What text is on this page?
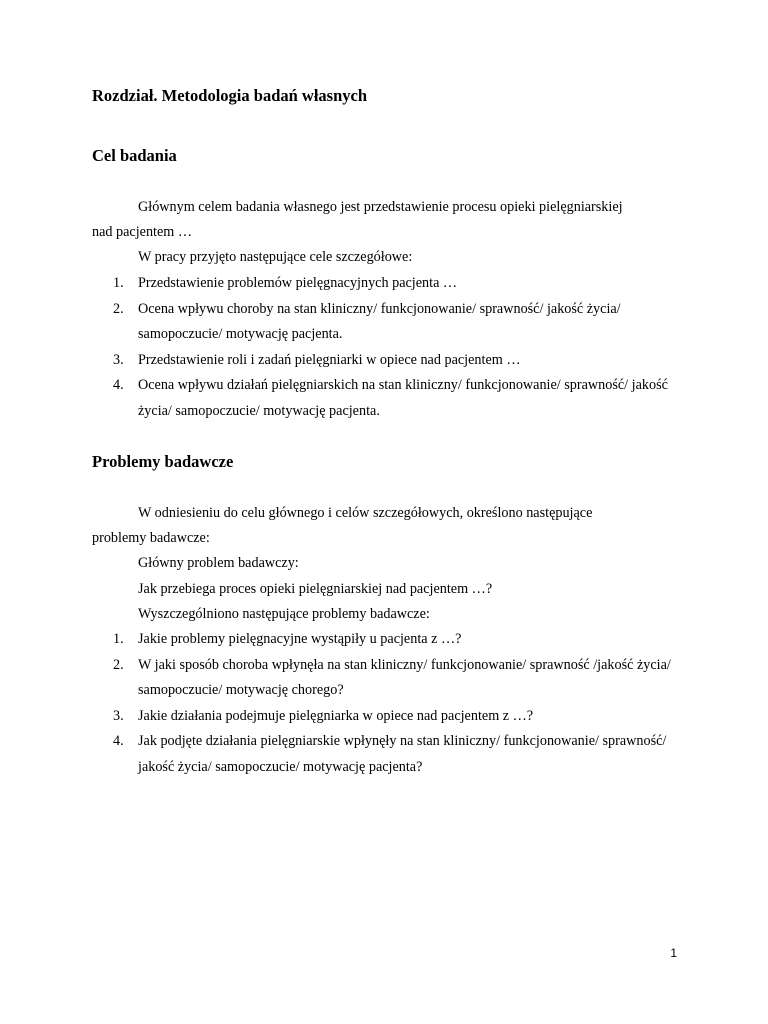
Rozdział. Metodologia badań własnych
Cel badania

Głównym celem badania własnego jest przedstawienie procesu opieki pielęgniarskiej

nad pacjentem …

W pracy przyjęto następujące cele szczegółowe:

1. Przedstawienie problemów pielęgnacyjnych pacjenta …
2. Ocena wpływu choroby na stan kliniczny/ funkcjonowanie/ sprawność/ jakość życia/ samopoczucie/ motywację pacjenta.
3. Przedstawienie roli i zadań pielęgniarki w opiece nad pacjentem …
4. Ocena wpływu działań pielęgniarskich na stan kliniczny/ funkcjonowanie/ sprawność/ jakość życia/ samopoczucie/ motywację pacjenta.
Problemy badawcze

W odniesieniu do celu głównego i celów szczegółowych, określono następujące

problemy badawcze:

Główny problem badawczy:

Jak przebiega proces opieki pielęgniarskiej nad pacjentem …?

Wyszczególniono następujące problemy badawcze:

1. Jakie problemy pielęgnacyjne wystąpiły u pacjenta z …?
2. W jaki sposób choroba wpłynęła na stan kliniczny/ funkcjonowanie/ sprawność /jakość życia/ samopoczucie/ motywację chorego?
3. Jakie działania podejmuje pielęgniarka w opiece nad pacjentem z …?
4. Jak podjęte działania pielęgniarskie wpłynęły na stan kliniczny/ funkcjonowanie/ sprawność/ jakość życia/ samopoczucie/ motywację pacjenta?
1
